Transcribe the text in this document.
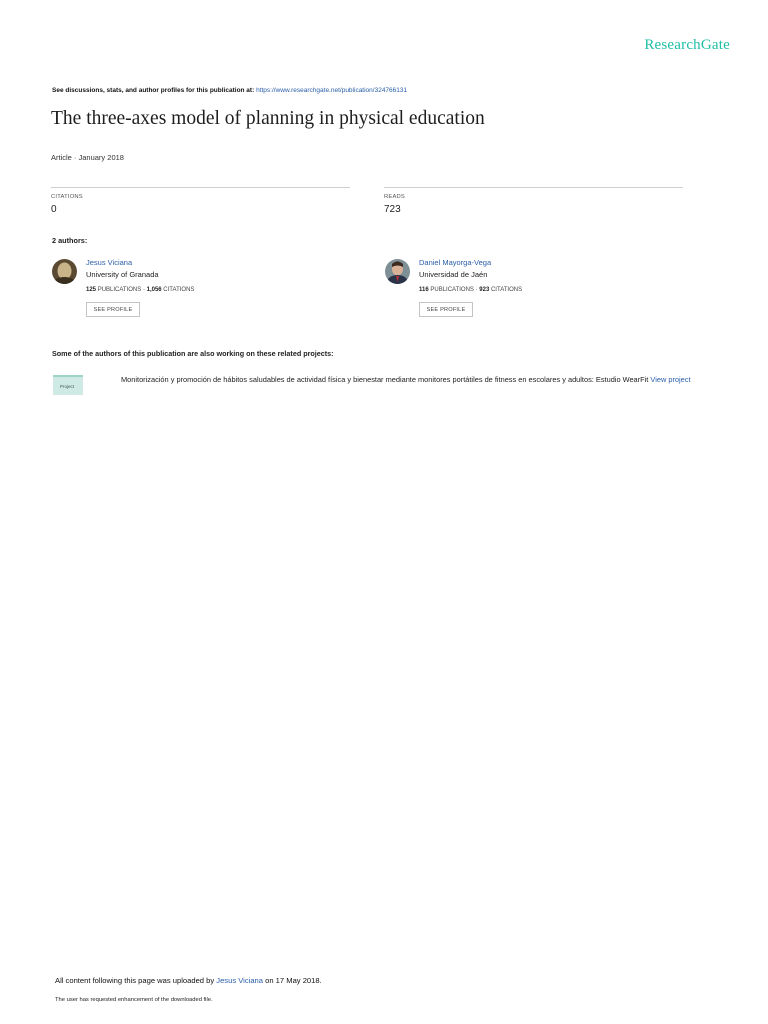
ResearchGate
See discussions, stats, and author profiles for this publication at: https://www.researchgate.net/publication/324766131
The three-axes model of planning in physical education
Article · January 2018
CITATIONS
0
READS
723
2 authors:
Jesus Viciana
University of Granada
125 PUBLICATIONS · 1,056 CITATIONS
SEE PROFILE
Daniel Mayorga-Vega
Universidad de Jaén
116 PUBLICATIONS · 923 CITATIONS
SEE PROFILE
Some of the authors of this publication are also working on these related projects:
Project
Monitorización y promoción de hábitos saludables de actividad física y bienestar mediante monitores portátiles de fitness en escolares y adultos: Estudio WearFit View project
All content following this page was uploaded by Jesus Viciana on 17 May 2018.
The user has requested enhancement of the downloaded file.
